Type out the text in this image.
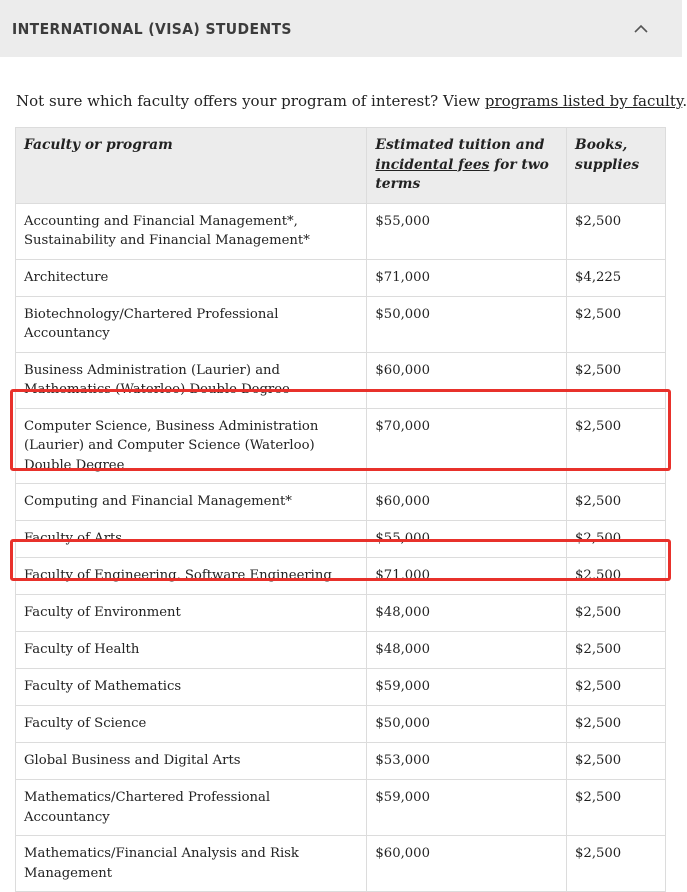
INTERNATIONAL (VISA) STUDENTS

Not sure which faculty offers your program of interest? View programs listed by faculty.

Faculty or program	Estimated tuition and incidental fees for two terms	Books, supplies
Accounting and Financial Management*, Sustainability and Financial Management*	$55,000	$2,500
Architecture	$71,000	$4,225
Biotechnology/Chartered Professional Accountancy	$50,000	$2,500
Business Administration (Laurier) and Mathematics (Waterloo) Double Degree	$60,000	$2,500
Computer Science, Business Administration (Laurier) and Computer Science (Waterloo) Double Degree	$70,000	$2,500
Computing and Financial Management*	$60,000	$2,500
Faculty of Arts	$55,000	$2,500
Faculty of Engineering, Software Engineering	$71,000	$2,500
Faculty of Environment	$48,000	$2,500
Faculty of Health	$48,000	$2,500
Faculty of Mathematics	$59,000	$2,500
Faculty of Science	$50,000	$2,500
Global Business and Digital Arts	$53,000	$2,500
Mathematics/Chartered Professional Accountancy	$59,000	$2,500
Mathematics/Financial Analysis and Risk Management	$60,000	$2,500
